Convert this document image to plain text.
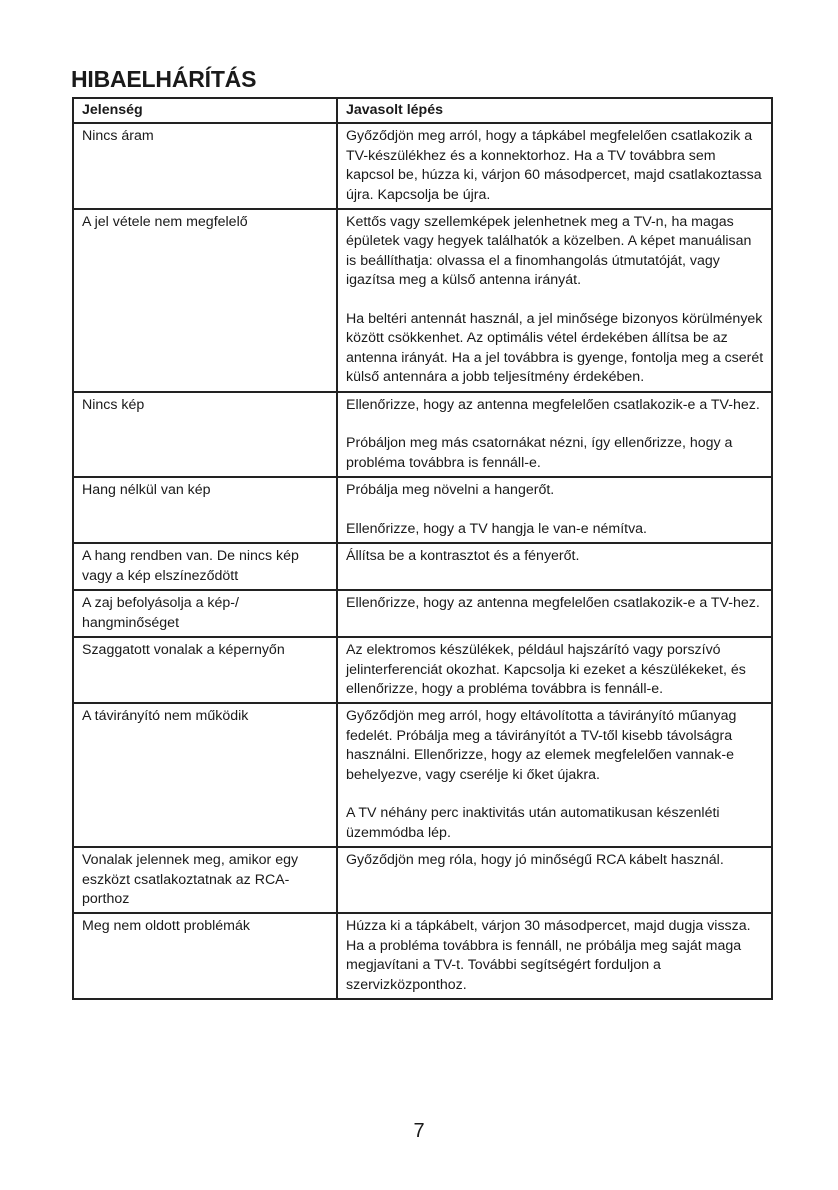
HIBAELHÁRÍTÁS
Jelenség	Javasolt lépés
Nincs áram	Győződjön meg arról, hogy a tápkábel megfelelően csatlakozik a TV-készülékhez és a konnektorhoz. Ha a TV továbbra sem kapcsol be, húzza ki, várjon 60 másodpercet, majd csatlakoztassa újra. Kapcsolja be újra.

A jel vétele nem megfelelő	Kettős vagy szellemképek jelenhetnek meg a TV-n, ha magas épületek vagy hegyek találhatók a közelben. A képet manuálisan is beállíthatja: olvassa el a finomhangolás útmutatóját, vagy igazítsa meg a külső antenna irányát.

Ha beltéri antennát használ, a jel minősége bizonyos körülmények között csökkenhet. Az optimális vétel érdekében állítsa be az antenna irányát. Ha a jel továbbra is gyenge, fontolja meg a cserét külső antennára a jobb teljesítmény érdekében.

Nincs kép	Ellenőrizze, hogy az antenna megfelelően csatlakozik-e a TV-hez.

Próbáljon meg más csatornákat nézni, így ellenőrizze, hogy a probléma továbbra is fennáll-e.

Hang nélkül van kép	Próbálja meg növelni a hangerőt.

Ellenőrizze, hogy a TV hangja le van-e némítva.

A hang rendben van. De nincs kép vagy a kép elszíneződött	Állítsa be a kontrasztot és a fényerőt.

A zaj befolyásolja a kép-/ hangminőséget	Ellenőrizze, hogy az antenna megfelelően csatlakozik-e a TV-hez.

Szaggatott vonalak a képernyőn	Az elektromos készülékek, például hajszárító vagy porszívó jelinterferenciát okozhat. Kapcsolja ki ezeket a készülékeket, és ellenőrizze, hogy a probléma továbbra is fennáll-e.

A távirányító nem működik	Győződjön meg arról, hogy eltávolította a távirányító műanyag fedelét. Próbálja meg a távirányítót a TV-től kisebb távolságra használni. Ellenőrizze, hogy az elemek megfelelően vannak-e behelyezve, vagy cserélje ki őket újakra.

A TV néhány perc inaktivitás után automatikusan készenléti üzemmódba lép.

Vonalak jelennek meg, amikor egy eszközt csatlakoztatnak az RCA-porthoz	Győződjön meg róla, hogy jó minőségű RCA kábelt használ.

Meg nem oldott problémák	Húzza ki a tápkábelt, várjon 30 másodpercet, majd dugja vissza. Ha a probléma továbbra is fennáll, ne próbálja meg saját maga megjavítani a TV-t. További segítségért forduljon a szervizközponthoz.

7
